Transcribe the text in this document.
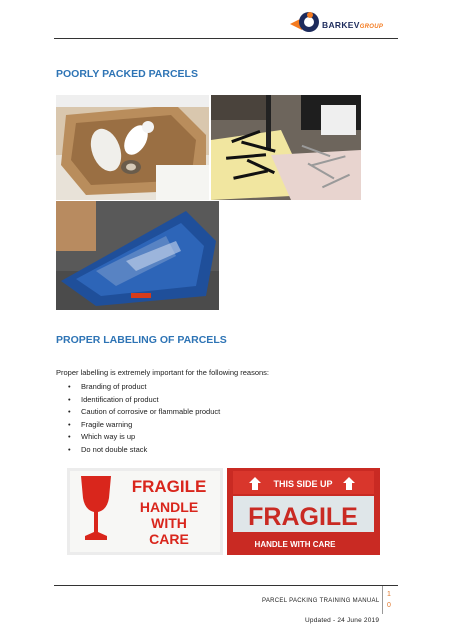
BARKEVGROUP
POORLY PACKED PARCELS
PROPER LABELING OF PARCELS
Proper labelling is extremely important for the following reasons:
• Branding of product
• Identification of product
• Caution of corrosive or flammable product
• Fragile warning
• Which way is up
• Do not double stack
FRAGILE
HANDLE
WITH
CARE
THIS SIDE UP
FRAGILE
HANDLE WITH CARE
PARCEL PACKING TRAINING MANUAL
1
0
Updated - 24 June 2019
